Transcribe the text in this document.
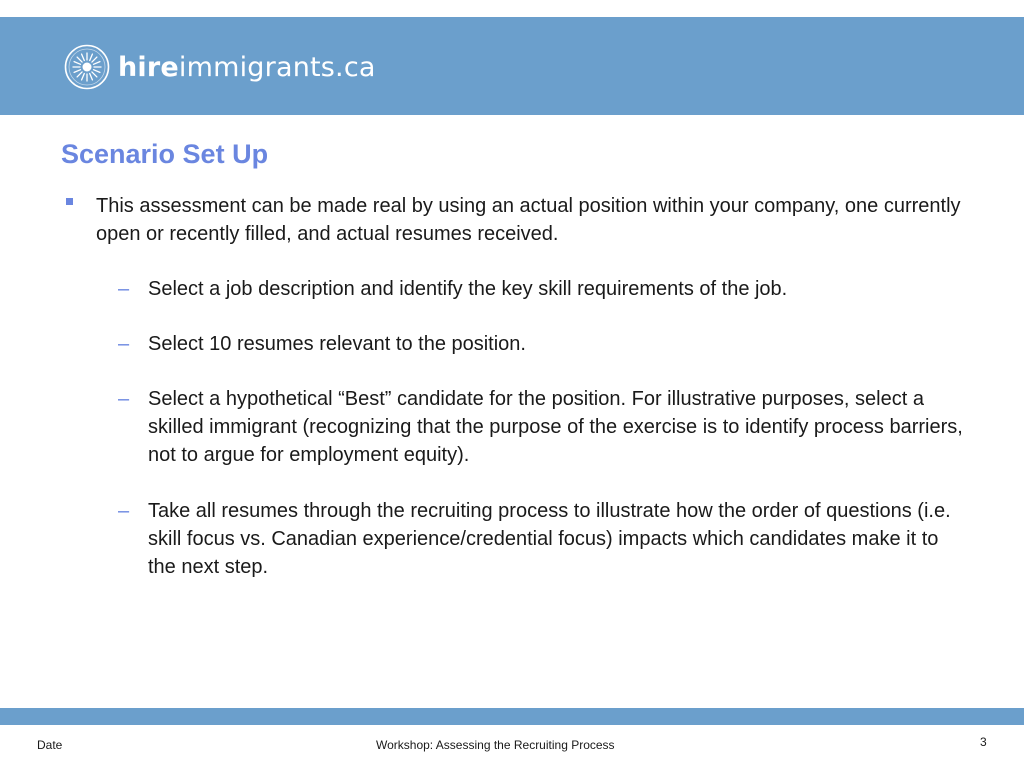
hireimmigrants.ca
Scenario Set Up
This assessment can be made real by using an actual position within your company, one currently open or recently filled, and actual resumes received.
– Select a job description and identify the key skill requirements of the job.
– Select 10 resumes relevant to the position.
– Select a hypothetical “Best” candidate for the position. For illustrative purposes, select a skilled immigrant (recognizing that the purpose of the exercise is to identify process barriers, not to argue for employment equity).
– Take all resumes through the recruiting process to illustrate how the order of questions (i.e. skill focus vs. Canadian experience/credential focus) impacts which candidates make it to the next step.
Date	Workshop: Assessing the Recruiting Process	3
